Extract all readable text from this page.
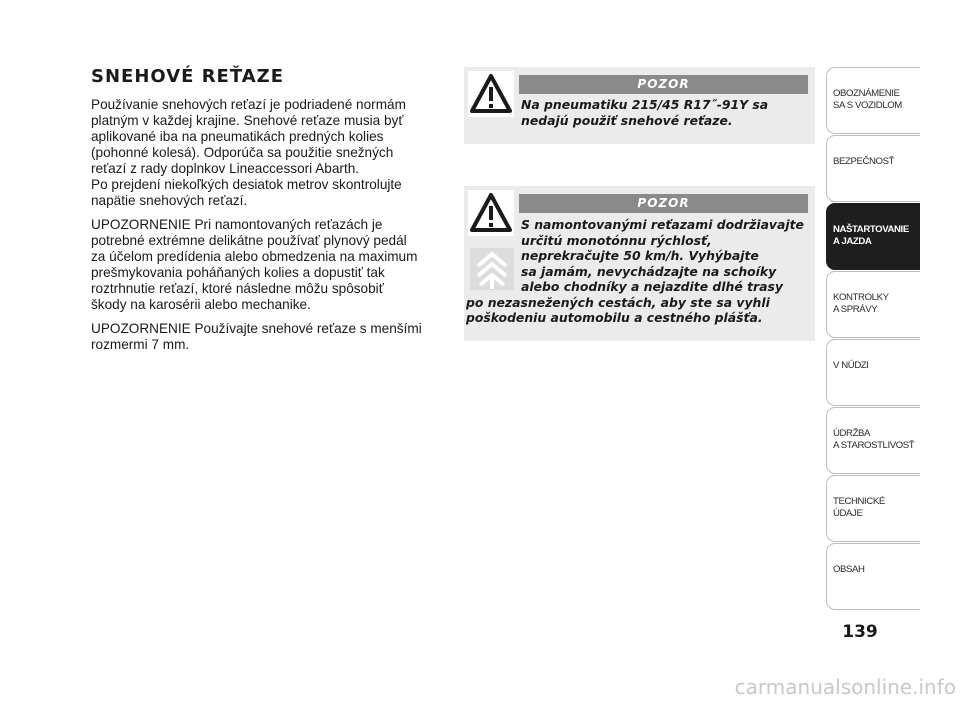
SNEHOVÉ REŤAZE

Používanie snehových reťazí je podriadené normám
platným v každej krajine. Snehové reťaze musia byť
aplikované iba na pneumatikách predných kolies
(pohonné kolesá). Odporúča sa použitie snežných
reťazí z rady doplnkov Lineaccessori Abarth.
Po prejdení niekoľkých desiatok metrov skontrolujte
napätie snehových reťazí.

UPOZORNENIE Pri namontovaných reťazách je
potrebné extrémne delikátne používať plynový pedál
za účelom predídenia alebo obmedzenia na maximum
prešmykovania poháňaných kolies a dopustiť tak
roztrhnutie reťazí, ktoré následne môžu spôsobiť
škody na karosérii alebo mechanike.

UPOZORNENIE Používajte snehové reťaze s menšími
rozmermi 7 mm.

POZOR
Na pneumatiku 215/45 R17˝-91Y sa
nedajú použiť snehové reťaze.
POZOR
S namontovanými reťazami dodržiavajte
určitú monotónnu rýchlosť,
neprekračujte 50 km/h. Vyhýbajte
sa jamám, nevychádzajte na schoíky
alebo chodníky a nejazdite dlhé trasy
po nezasnežených cestách, aby ste sa vyhli
poškodeniu automobilu a cestného plášťa.
OBOZNÁMENIE
SA S VOZIDLOM
BEZPEČNOSŤ
NAŠTARTOVANIE
A JAZDA
KONTROLKY
A SPRÁVY
V NÚDZI
ÚDRŽBA
A STAROSTLIVOSŤ
TECHNICKÉ
ÚDAJE
OBSAH
139
carmanualsonline.info
